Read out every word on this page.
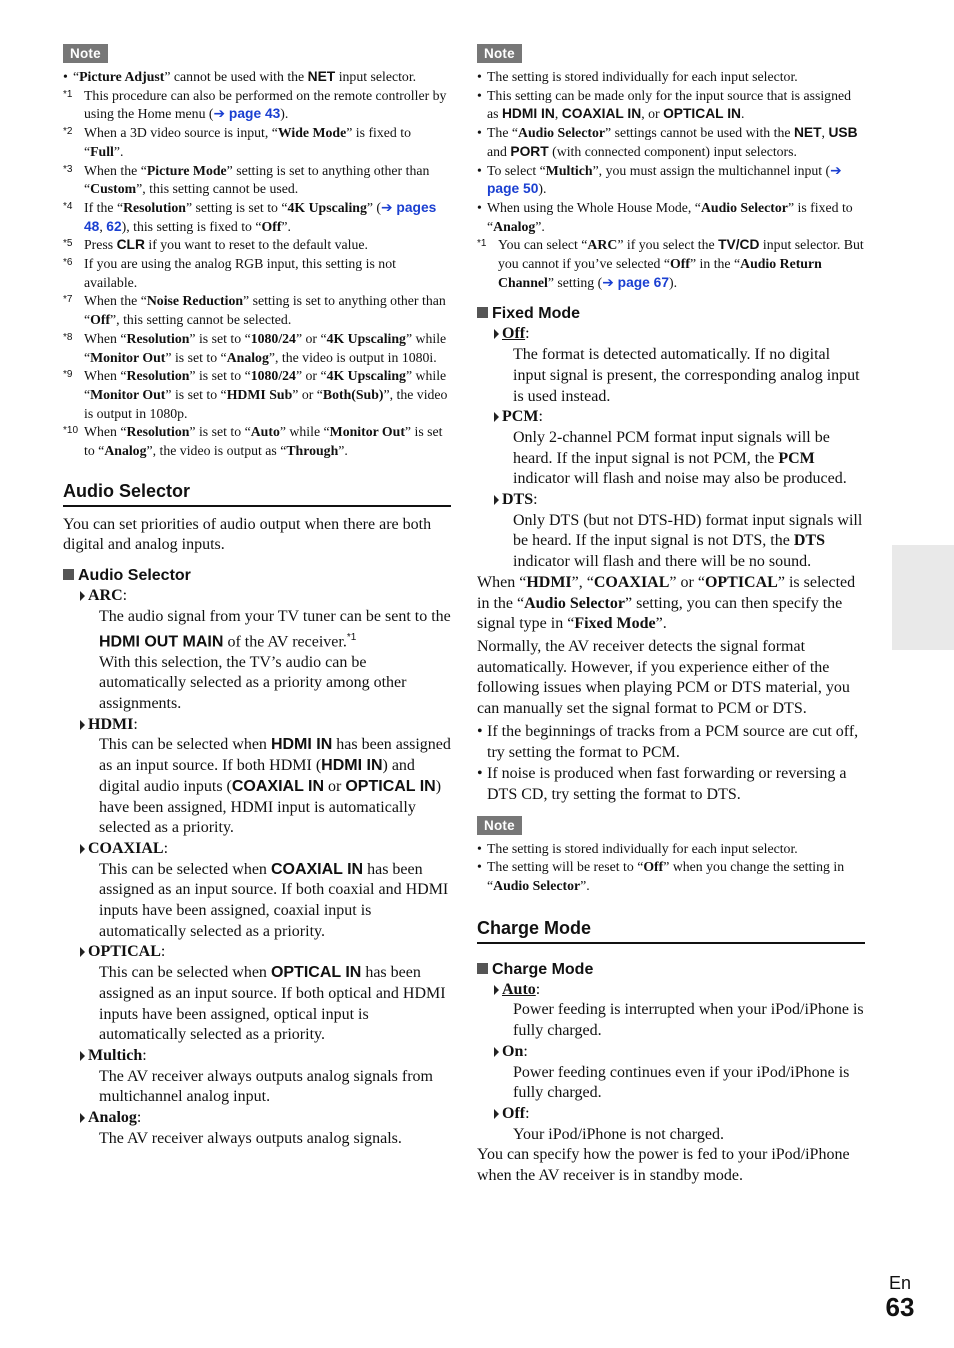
Note
• “Picture Adjust” cannot be used with the NET input selector.
*1 This procedure can also be performed on the remote controller by using the Home menu (➔ page 43).
*2 When a 3D video source is input, “Wide Mode” is fixed to “Full”.
*3 When the “Picture Mode” setting is set to anything other than “Custom”, this setting cannot be used.
*4 If the “Resolution” setting is set to “4K Upscaling” (➔ pages 48, 62), this setting is fixed to “Off”.
*5 Press CLR if you want to reset to the default value.
*6 If you are using the analog RGB input, this setting is not available.
*7 When the “Noise Reduction” setting is set to anything other than “Off”, this setting cannot be selected.
*8 When “Resolution” is set to “1080/24” or “4K Upscaling” while “Monitor Out” is set to “Analog”, the video is output in 1080i.
*9 When “Resolution” is set to “1080/24” or “4K Upscaling” while “Monitor Out” is set to “HDMI Sub” or “Both(Sub)”, the video is output in 1080p.
*10 When “Resolution” is set to “Auto” while “Monitor Out” is set to “Analog”, the video is output as “Through”.
Audio Selector
You can set priorities of audio output when there are both digital and analog inputs.
Audio Selector
ARC:
The audio signal from your TV tuner can be sent to the HDMI OUT MAIN of the AV receiver.$^{*1}$
With this selection, the TV’s audio can be automatically selected as a priority among other assignments.
HDMI:
This can be selected when HDMI IN has been assigned as an input source. If both HDMI (HDMI IN) and digital audio inputs (COAXIAL IN or OPTICAL IN) have been assigned, HDMI input is automatically selected as a priority.
COAXIAL:
This can be selected when COAXIAL IN has been assigned as an input source. If both coaxial and HDMI inputs have been assigned, coaxial input is automatically selected as a priority.
OPTICAL:
This can be selected when OPTICAL IN has been assigned as an input source. If both optical and HDMI inputs have been assigned, optical input is automatically selected as a priority.
Multich:
The AV receiver always outputs analog signals from multichannel analog input.
Analog:
The AV receiver always outputs analog signals.
Note
• The setting is stored individually for each input selector.
• This setting can be made only for the input source that is assigned as HDMI IN, COAXIAL IN, or OPTICAL IN.
• The “Audio Selector” settings cannot be used with the NET, USB and PORT (with connected component) input selectors.
• To select “Multich”, you must assign the multichannel input (➔ page 50).
• When using the Whole House Mode, “Audio Selector” is fixed to “Analog”.
*1 You can select “ARC” if you select the TV/CD input selector. But you cannot if you’ve selected “Off” in the “Audio Return Channel” setting (➔ page 67).
Fixed Mode
Off:
The format is detected automatically. If no digital input signal is present, the corresponding analog input is used instead.
PCM:
Only 2-channel PCM format input signals will be heard. If the input signal is not PCM, the PCM indicator will flash and noise may also be produced.
DTS:
Only DTS (but not DTS-HD) format input signals will be heard. If the input signal is not DTS, the DTS indicator will flash and there will be no sound.
When “HDMI”, “COAXIAL” or “OPTICAL” is selected in the “Audio Selector” setting, you can then specify the signal type in “Fixed Mode”.
Normally, the AV receiver detects the signal format automatically. However, if you experience either of the following issues when playing PCM or DTS material, you can manually set the signal format to PCM or DTS.
• If the beginnings of tracks from a PCM source are cut off, try setting the format to PCM.
• If noise is produced when fast forwarding or reversing a DTS CD, try setting the format to DTS.
Note
• The setting is stored individually for each input selector.
• The setting will be reset to “Off” when you change the setting in “Audio Selector”.
Charge Mode
Charge Mode
Auto:
Power feeding is interrupted when your iPod/iPhone is fully charged.
On:
Power feeding continues even if your iPod/iPhone is fully charged.
Off:
Your iPod/iPhone is not charged.
You can specify how the power is fed to your iPod/iPhone when the AV receiver is in standby mode.
En
63
